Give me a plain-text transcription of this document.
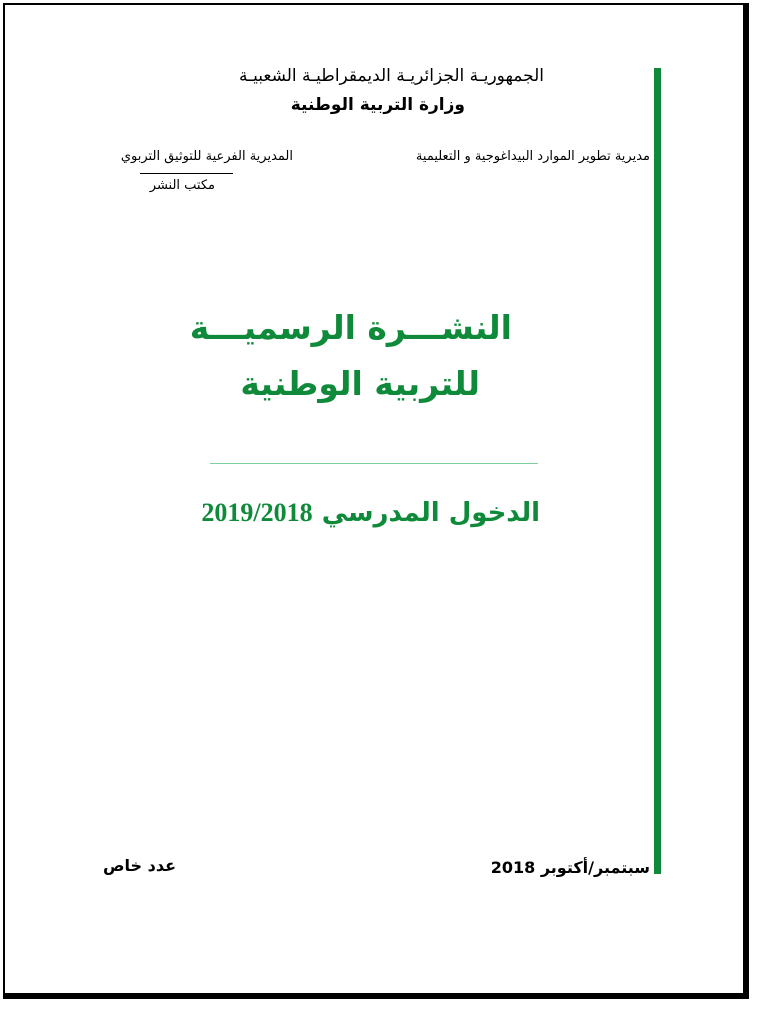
الجمهوريـة الجزائريـة الديمقراطيـة الشعبيـة
وزارة التربية الوطنية
مديرية تطوير الموارد البيداغوجية و التعليمية
المديرية الفرعية للتوثيق التربوي
مكتب النشر
النشـــرة الرسميـــة
للتربية الوطنية
الدخول المدرسي 2019/2018
سبتمبر/أكتوبر 2018
عدد خاص
